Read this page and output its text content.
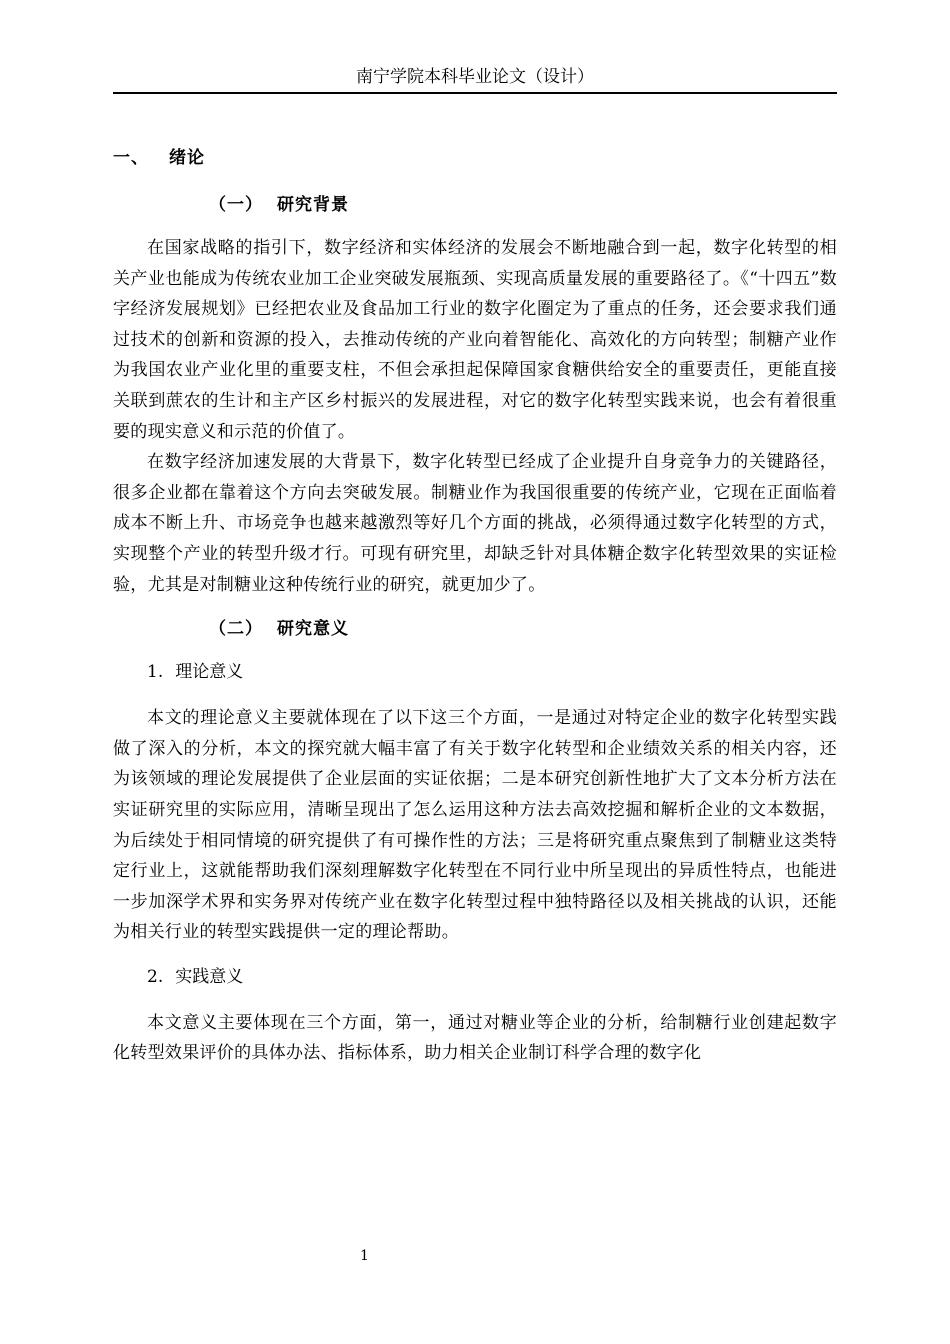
南宁学院本科毕业论文（设计）
一、 绪论
（一） 研究背景

在国家战略的指引下，数字经济和实体经济的发展会不断地融合到一起，数字化转型的相关产业也能成为传统农业加工企业突破发展瓶颈、实现高质量发展的重要路径了。《“十四五”数字经济发展规划》已经把农业及食品加工行业的数字化圈定为了重点的任务，还会要求我们通过技术的创新和资源的投入，去推动传统的产业向着智能化、高效化的方向转型；制糖产业作为我国农业产业化里的重要支柱，不但会承担起保障国家食糖供给安全的重要责任，更能直接关联到蔗农的生计和主产区乡村振兴的发展进程，对它的数字化转型实践来说，也会有着很重要的现实意义和示范的价值了。

在数字经济加速发展的大背景下，数字化转型已经成了企业提升自身竞争力的关键路径，很多企业都在靠着这个方向去突破发展。制糖业作为我国很重要的传统产业，它现在正面临着成本不断上升、市场竞争也越来越激烈等好几个方面的挑战，必须得通过数字化转型的方式，实现整个产业的转型升级才行。可现有研究里，却缺乏针对具体糖企数字化转型效果的实证检验，尤其是对制糖业这种传统行业的研究，就更加少了。

（二） 研究意义
1. 理论意义

本文的理论意义主要就体现在了以下这三个方面，一是通过对特定企业的数字化转型实践做了深入的分析，本文的探究就大幅丰富了有关于数字化转型和企业绩效关系的相关内容，还为该领域的理论发展提供了企业层面的实证依据；二是本研究创新性地扩大了文本分析方法在实证研究里的实际应用，清晰呈现出了怎么运用这种方法去高效挖掘和解析企业的文本数据，为后续处于相同情境的研究提供了有可操作性的方法；三是将研究重点聚焦到了制糖业这类特定行业上，这就能帮助我们深刻理解数字化转型在不同行业中所呈现出的异质性特点，也能进一步加深学术界和实务界对传统产业在数字化转型过程中独特路径以及相关挑战的认识，还能为相关行业的转型实践提供一定的理论帮助。

2. 实践意义

本文意义主要体现在三个方面，第一，通过对糖业等企业的分析，给制糖行业创建起数字化转型效果评价的具体办法、指标体系，助力相关企业制订科学合理的数字化

1
